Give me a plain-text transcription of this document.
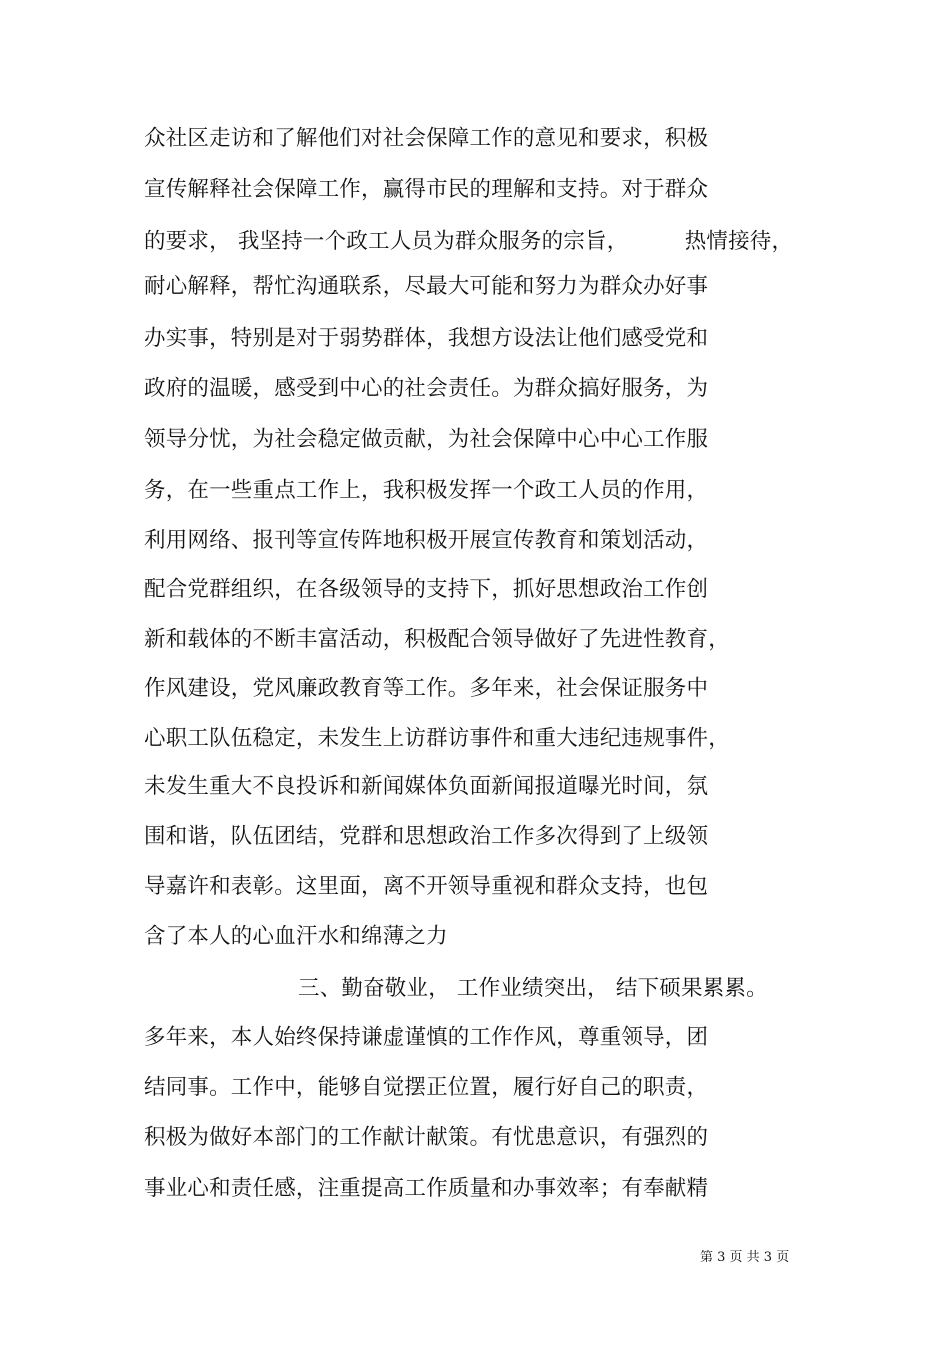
众社区走访和了解他们对社会保障工作的意见和要求，积极
宣传解释社会保障工作，赢得市民的理解和支持。对于群众
的要求， 我坚持一个政工人员为群众服务的宗旨，        热情接待，
耐心解释，帮忙沟通联系，尽最大可能和努力为群众办好事
办实事，特别是对于弱势群体，我想方设法让他们感受党和
政府的温暖，感受到中心的社会责任。为群众搞好服务，为
领导分忧，为社会稳定做贡献，为社会保障中心中心工作服
务，在一些重点工作上，我积极发挥一个政工人员的作用，
利用网络、报刊等宣传阵地积极开展宣传教育和策划活动，
配合党群组织，在各级领导的支持下，抓好思想政治工作创
新和载体的不断丰富活动，积极配合领导做好了先进性教育，
作风建设，党风廉政教育等工作。多年来，社会保证服务中
心职工队伍稳定，未发生上访群访事件和重大违纪违规事件，
未发生重大不良投诉和新闻媒体负面新闻报道曝光时间，氛
围和谐，队伍团结，党群和思想政治工作多次得到了上级领
导嘉许和表彰。这里面，离不开领导重视和群众支持，也包
含了本人的心血汗水和绵薄之力
三、勤奋敬业， 工作业绩突出， 结下硕果累累。
多年来，本人始终保持谦虚谨慎的工作作风，尊重领导，团
结同事。工作中，能够自觉摆正位置，履行好自己的职责，
积极为做好本部门的工作献计献策。有忧患意识，有强烈的
事业心和责任感，注重提高工作质量和办事效率；有奉献精
第 3 页 共 3 页
